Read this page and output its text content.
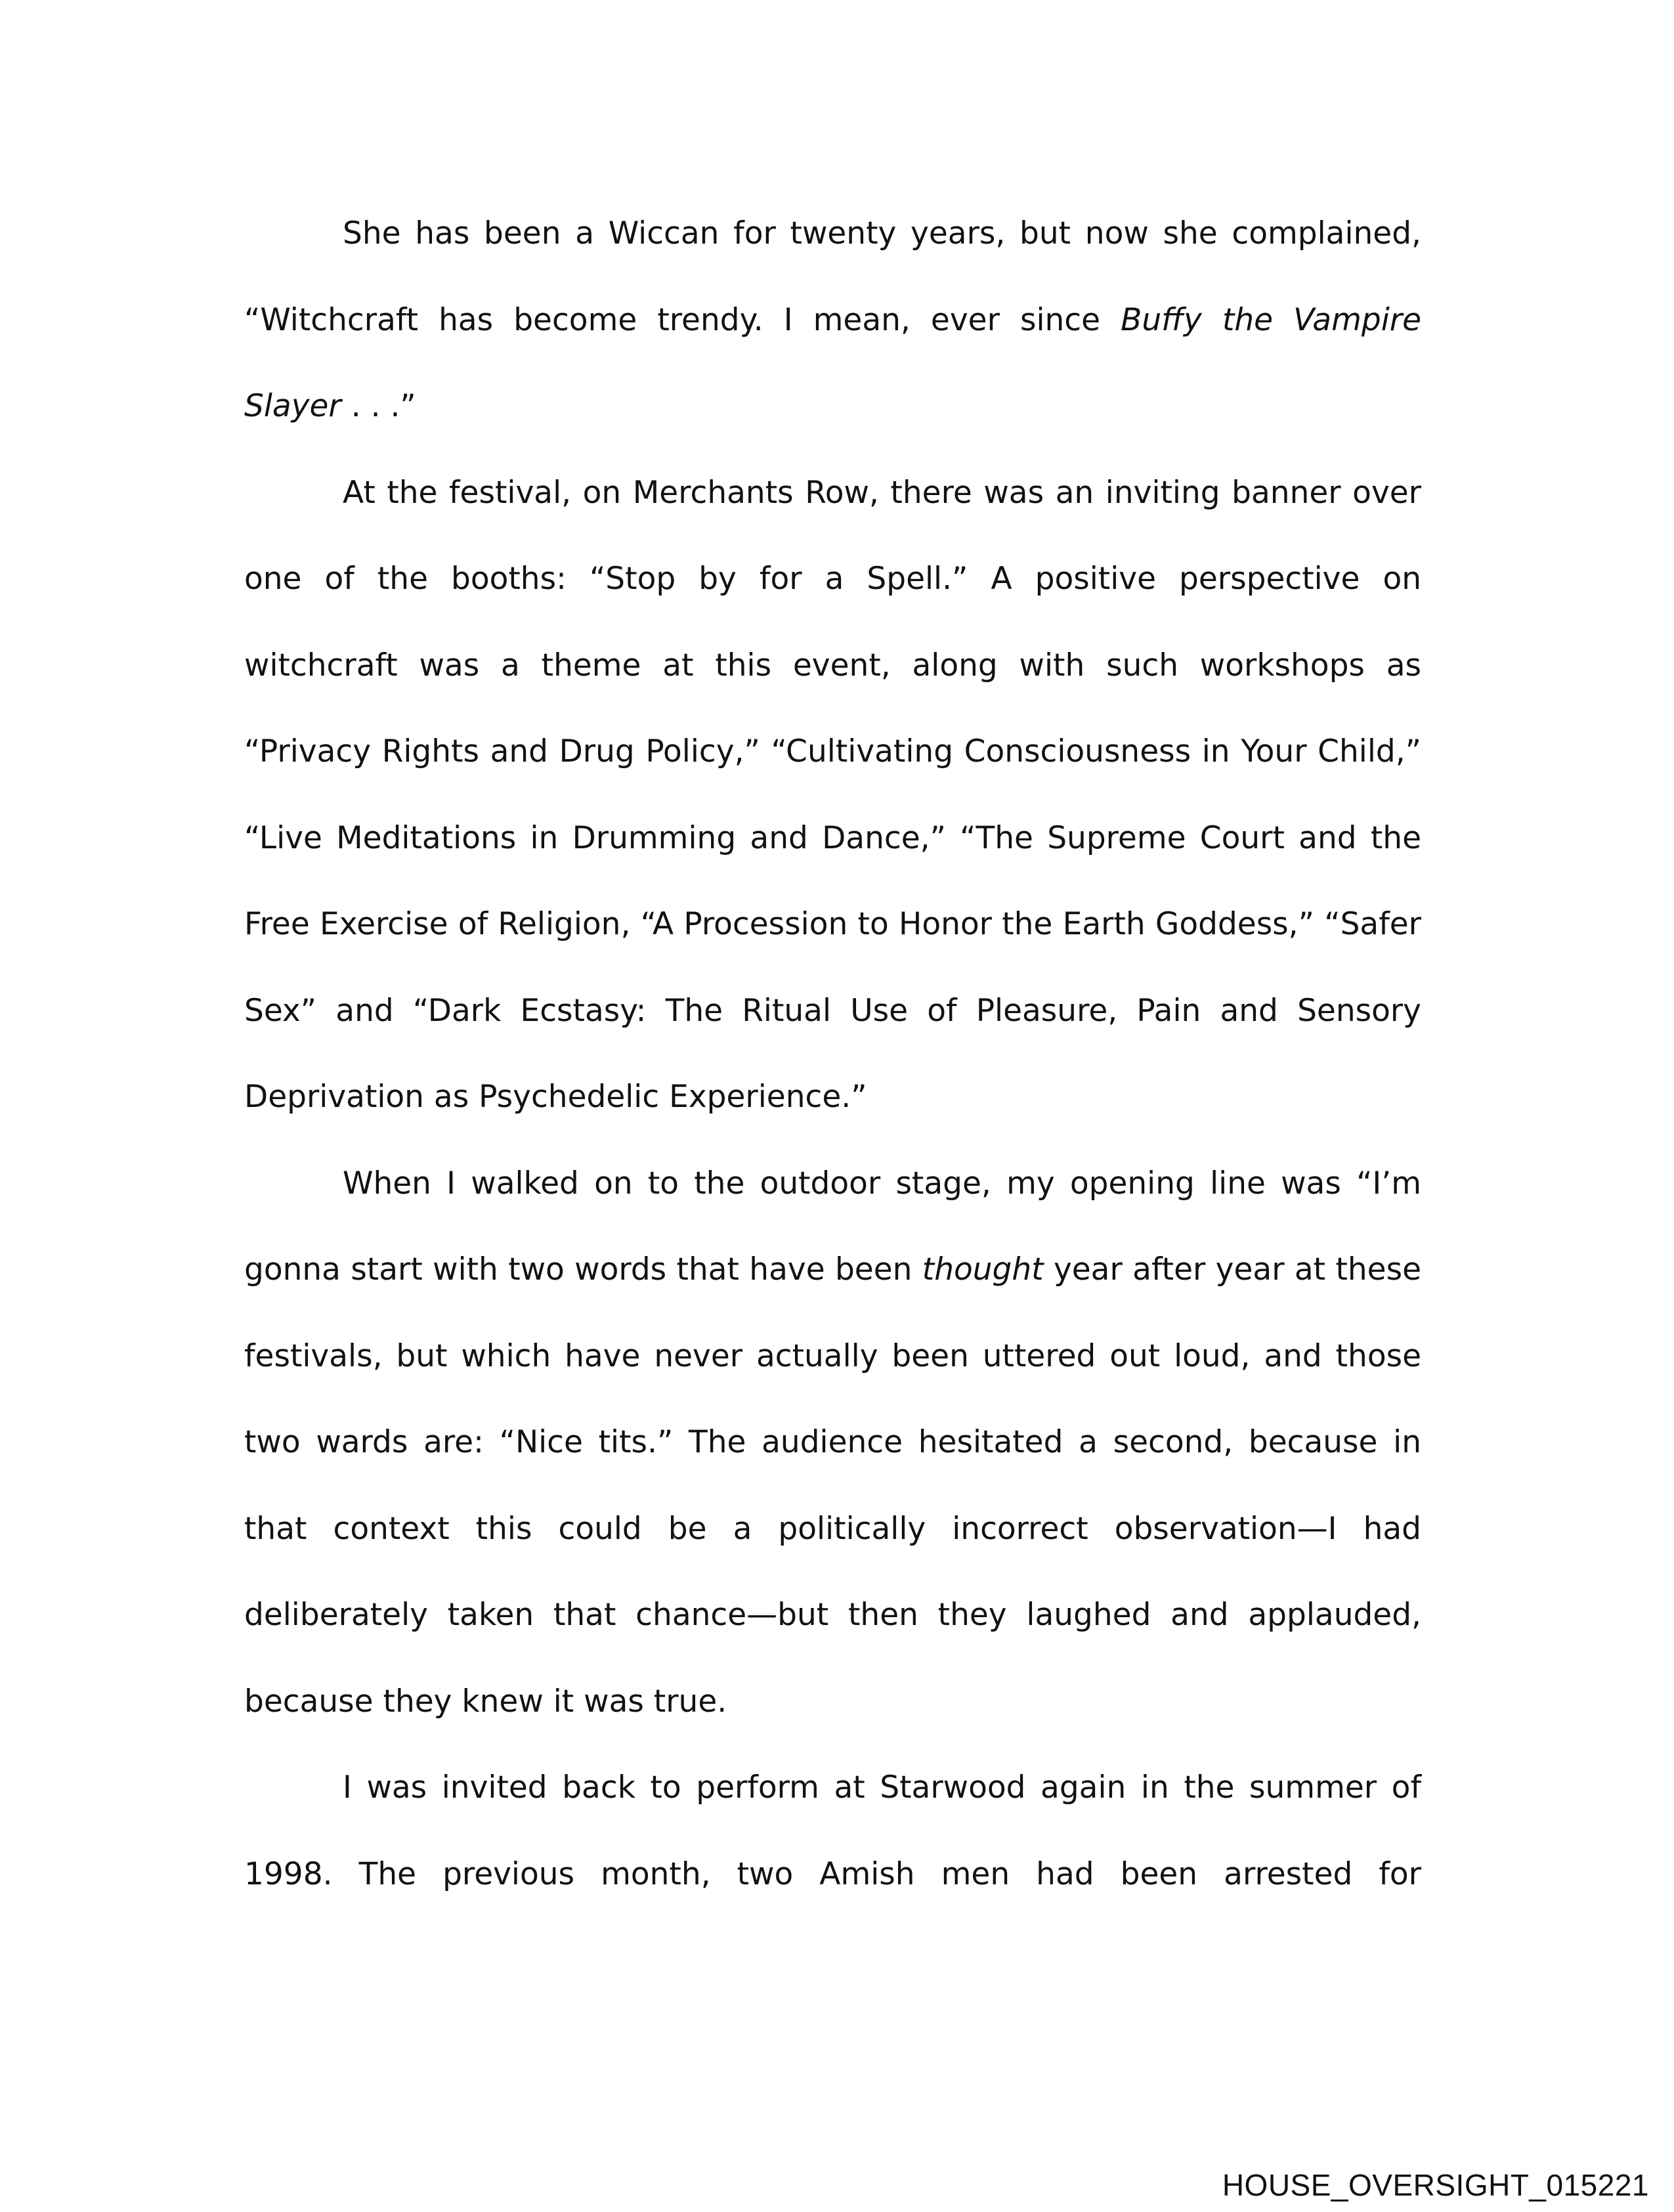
She has been a Wiccan for twenty years, but now she complained, “Witchcraft has become trendy. I mean, ever since Buffy the Vampire Slayer . . .”

At the festival, on Merchants Row, there was an inviting banner over one of the booths: “Stop by for a Spell.” A positive perspective on witchcraft was a theme at this event, along with such workshops as “Privacy Rights and Drug Policy,” “Cultivating Consciousness in Your Child,” “Live Meditations in Drumming and Dance,” “The Supreme Court and the Free Exercise of Religion, “A Procession to Honor the Earth Goddess,” “Safer Sex” and “Dark Ecstasy: The Ritual Use of Pleasure, Pain and Sensory Deprivation as Psychedelic Experience.”

When I walked on to the outdoor stage, my opening line was “I’m gonna start with two words that have been thought year after year at these festivals, but which have never actually been uttered out loud, and those two wards are: “Nice tits.” The audience hesitated a second, because in that context this could be a politically incorrect observation—I had deliberately taken that chance—but then they laughed and applauded, because they knew it was true.

I was invited back to perform at Starwood again in the summer of 1998. The previous month, two Amish men had been arrested for

HOUSE_OVERSIGHT_015221
